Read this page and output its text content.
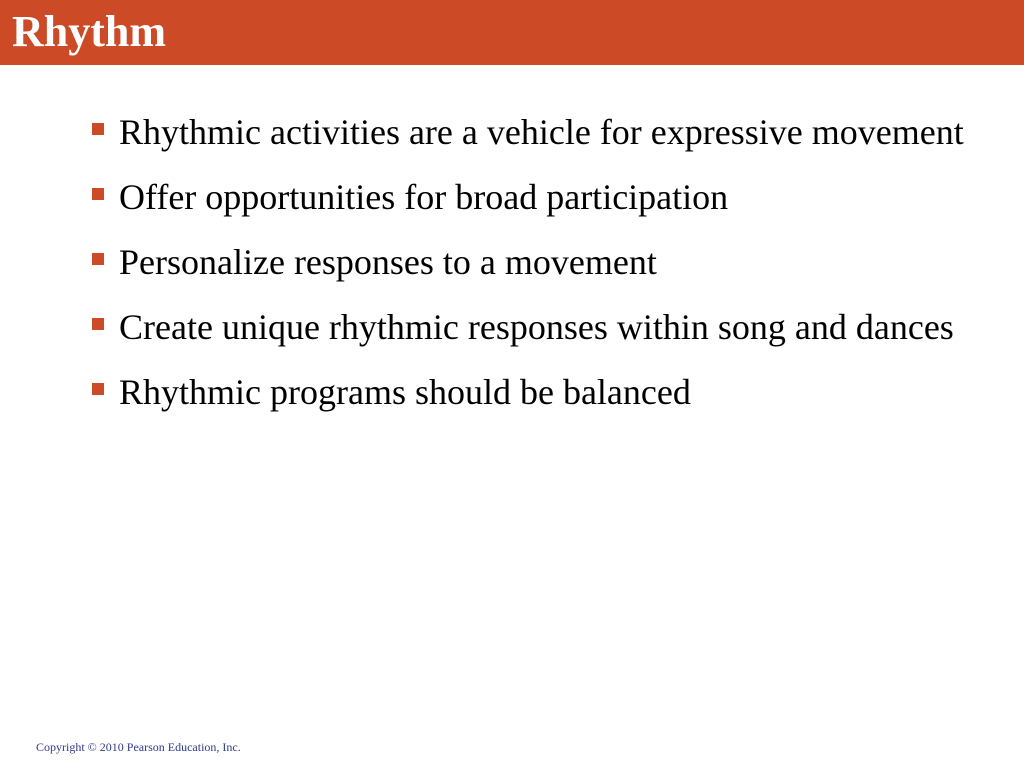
Rhythm
Rhythmic activities are a vehicle for expressive movement
Offer opportunities for broad participation
Personalize responses to a movement
Create unique rhythmic responses within song and dances
Rhythmic programs should be balanced
Copyright © 2010 Pearson Education, Inc.
